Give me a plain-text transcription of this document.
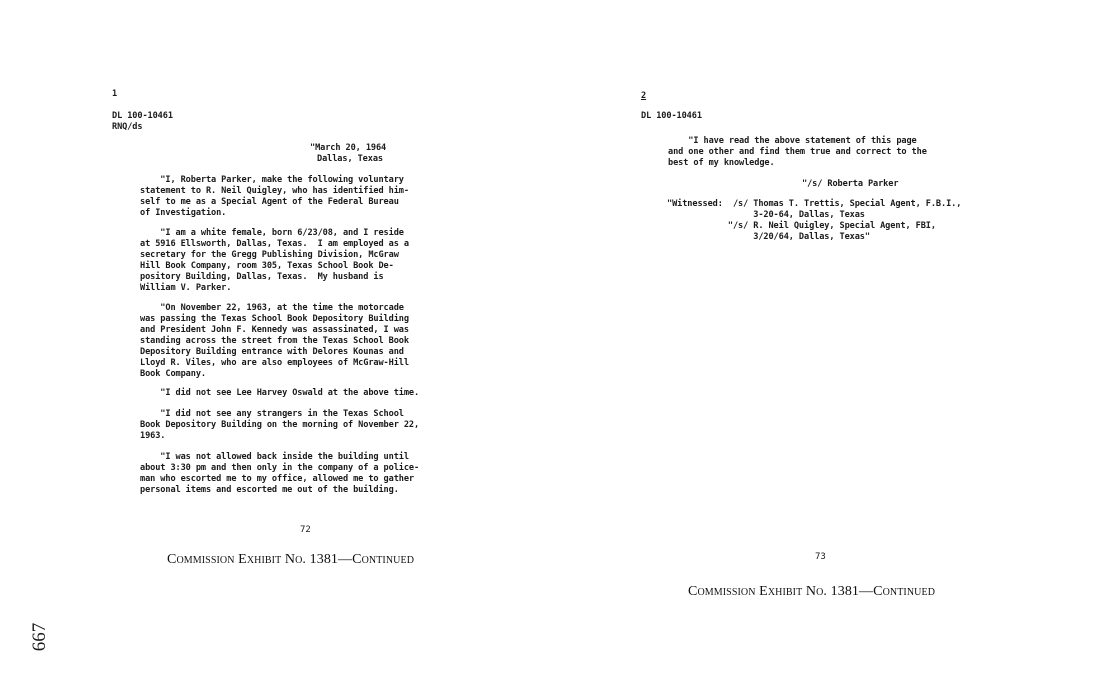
1
DL 100-10461
RNQ/ds
"March 20, 1964
Dallas, Texas
"I, Roberta Parker, make the following voluntary
statement to R. Neil Quigley, who has identified him-
self to me as a Special Agent of the Federal Bureau
of Investigation.
"I am a white female, born 6/23/08, and I reside
at 5916 Ellsworth, Dallas, Texas.  I am employed as a
secretary for the Gregg Publishing Division, McGraw
Hill Book Company, room 305, Texas School Book De-
pository Building, Dallas, Texas.  My husband is
William V. Parker.
"On November 22, 1963, at the time the motorcade
was passing the Texas School Book Depository Building
and President John F. Kennedy was assassinated, I was
standing across the street from the Texas School Book
Depository Building entrance with Delores Kounas and
Lloyd R. Viles, who are also employees of McGraw-Hill
Book Company.
"I did not see Lee Harvey Oswald at the above time.
"I did not see any strangers in the Texas School
Book Depository Building on the morning of November 22,
1963.
"I was not allowed back inside the building until
about 3:30 pm and then only in the company of a police-
man who escorted me to my office, allowed me to gather
personal items and escorted me out of the building.
72
Commission Exhibit No. 1381—Continued
2
DL 100-10461
"I have read the above statement of this page
and one other and find them true and correct to the
best of my knowledge.
"/s/ Roberta Parker
"Witnessed:  /s/ Thomas T. Trettis, Special Agent, F.B.I.,
3-20-64, Dallas, Texas
"/s/ R. Neil Quigley, Special Agent, FBI,
3/20/64, Dallas, Texas"
73
Commission Exhibit No. 1381—Continued
667
